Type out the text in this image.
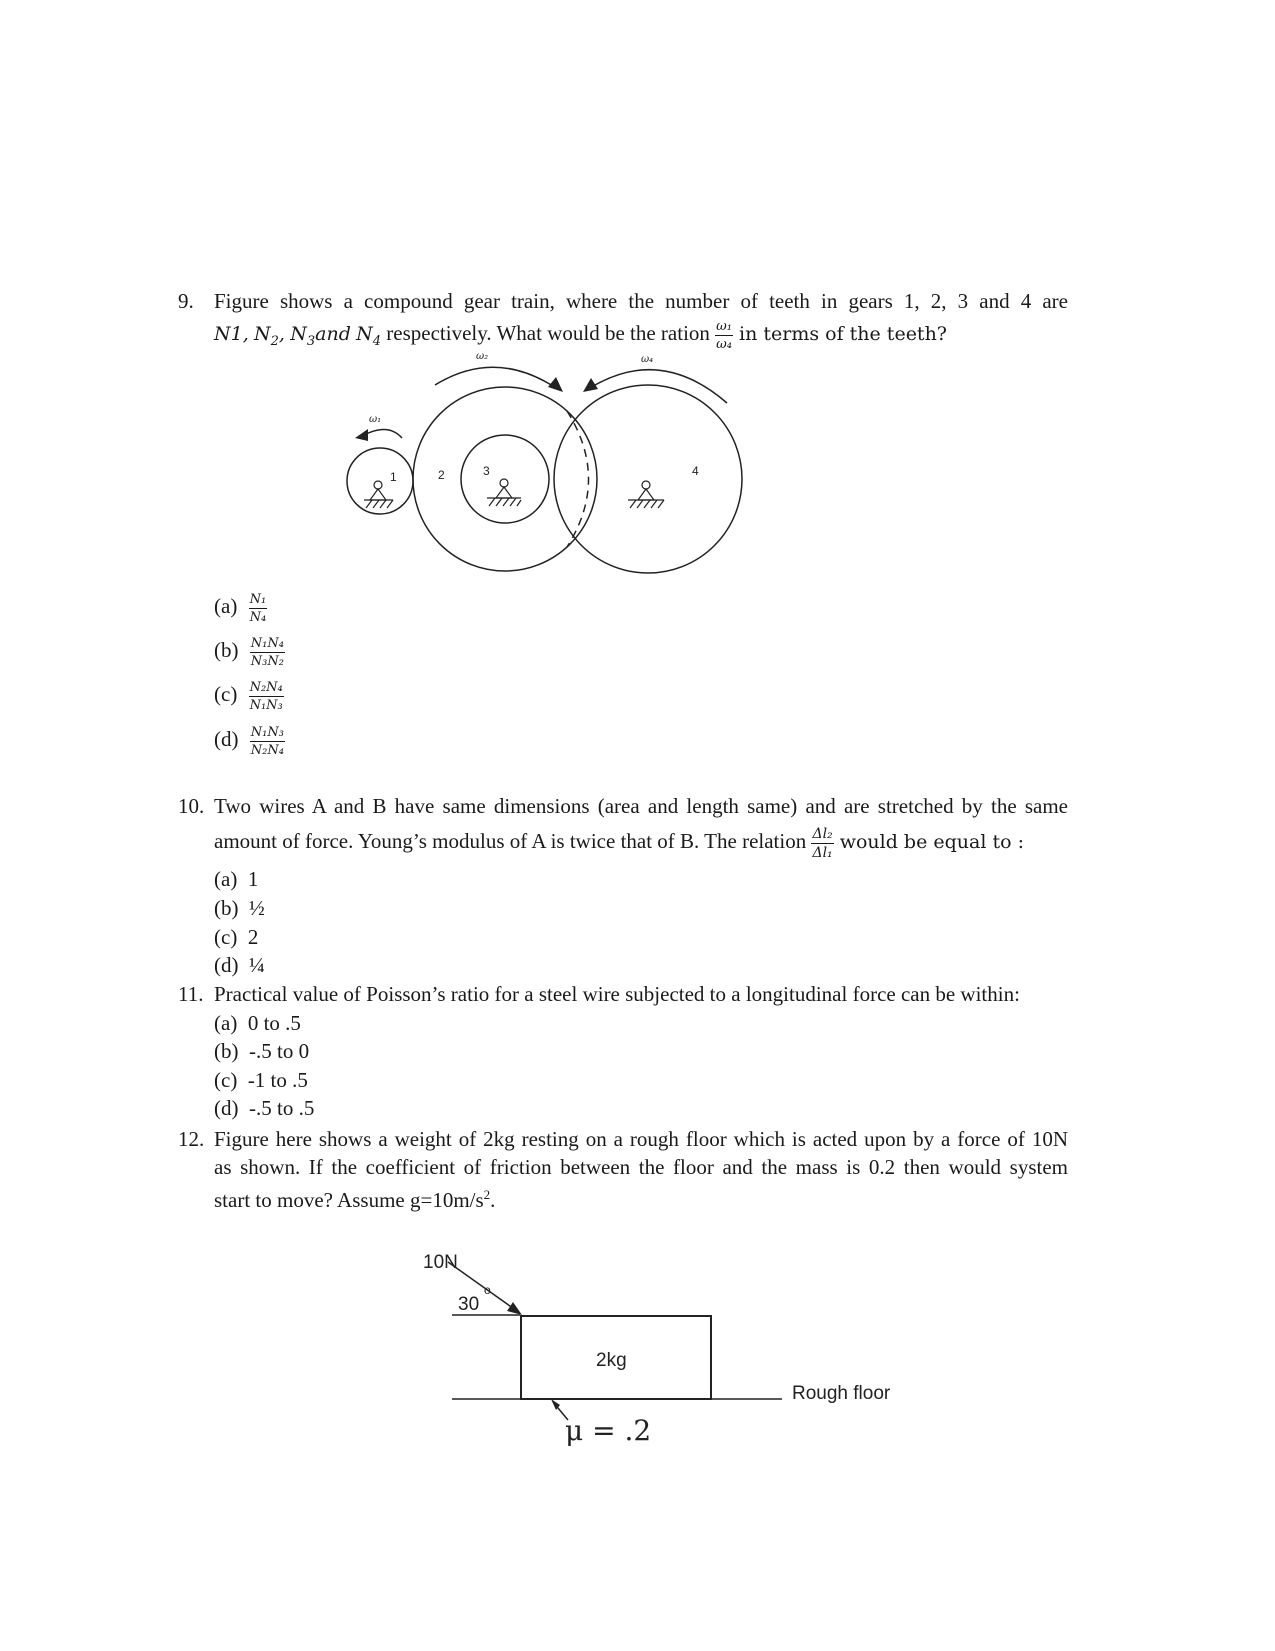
9. Figure shows a compound gear train, where the number of teeth in gears 1, 2, 3 and 4 are
N1, $N_2$, $N_3and$ $N_4$ respectively. What would be the ration $\frac{\text{ω₁}}{\text{ω₄}}$ in terms of the teeth?
1	2	3	4
ω₁
ω₂	ω₄
$(a) \frac{\text{N₁}}{\text{N₄}}$
$(b) \frac{\text{N₁N₄}}{\text{N₃N₂}}$
$(c) \frac{\text{N₂N₄}}{\text{N₁N₃}}$
$(d) \frac{\text{N₁N₃}}{\text{N₂N₄}}$
10. Two wires A and B have same dimensions (area and length same) and are stretched by the same
amount of force. Young’s modulus of A is twice that of B. The relation $\frac{\text{Δl₂}}{\text{Δl₁}}$ would be equal to :
(a) 1
(b) ½
(c) 2
(d) ¼
11. Practical value of Poisson’s ratio for a steel wire subjected to a longitudinal force can be within:
(a) 0 to .5
(b) -.5 to 0
(c) -1 to .5
(d) -.5 to .5
12. Figure here shows a weight of 2kg resting on a rough floor which is acted upon by a force of 10N
as shown. If the coefficient of friction between the floor and the mass is 0.2 then would system
start to move? Assume $g=10m/s^2$.
10N
30
o
2kg
Rough floor
μ = .2
